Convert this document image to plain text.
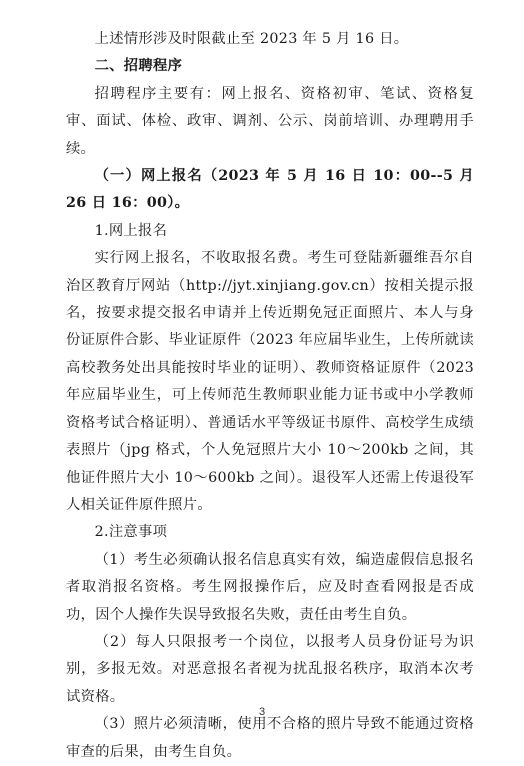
上述情形涉及时限截止至 2023 年 5 月 16 日。

二、招聘程序

招聘程序主要有：网上报名、资格初审、笔试、资格复审、面试、体检、政审、调剂、公示、岗前培训、办理聘用手续。

（一）网上报名（2023 年 5 月 16 日 10：00--5 月 26 日 16：00）。

1.网上报名

实行网上报名，不收取报名费。考生可登陆新疆维吾尔自治区教育厅网站（http://jyt.xinjiang.gov.cn）按相关提示报名，按要求提交报名申请并上传近期免冠正面照片、本人与身份证原件合影、毕业证原件（2023 年应届毕业生，上传所就读高校教务处出具能按时毕业的证明）、教师资格证原件（2023 年应届毕业生，可上传师范生教师职业能力证书或中小学教师资格考试合格证明）、普通话水平等级证书原件、高校学生成绩表照片（jpg 格式，个人免冠照片大小 10～200kb 之间，其他证件照片大小 10～600kb 之间）。退役军人还需上传退役军人相关证件原件照片。

2.注意事项

（1）考生必须确认报名信息真实有效，编造虚假信息报名者取消报名资格。考生网报操作后，应及时查看网报是否成功，因个人操作失误导致报名失败，责任由考生自负。

（2）每人只限报考一个岗位，以报考人员身份证号为识别，多报无效。对恶意报名者视为扰乱报名秩序，取消本次考试资格。

（3）照片必须清晰，使用不合格的照片导致不能通过资格审查的后果，由考生自负。

3
